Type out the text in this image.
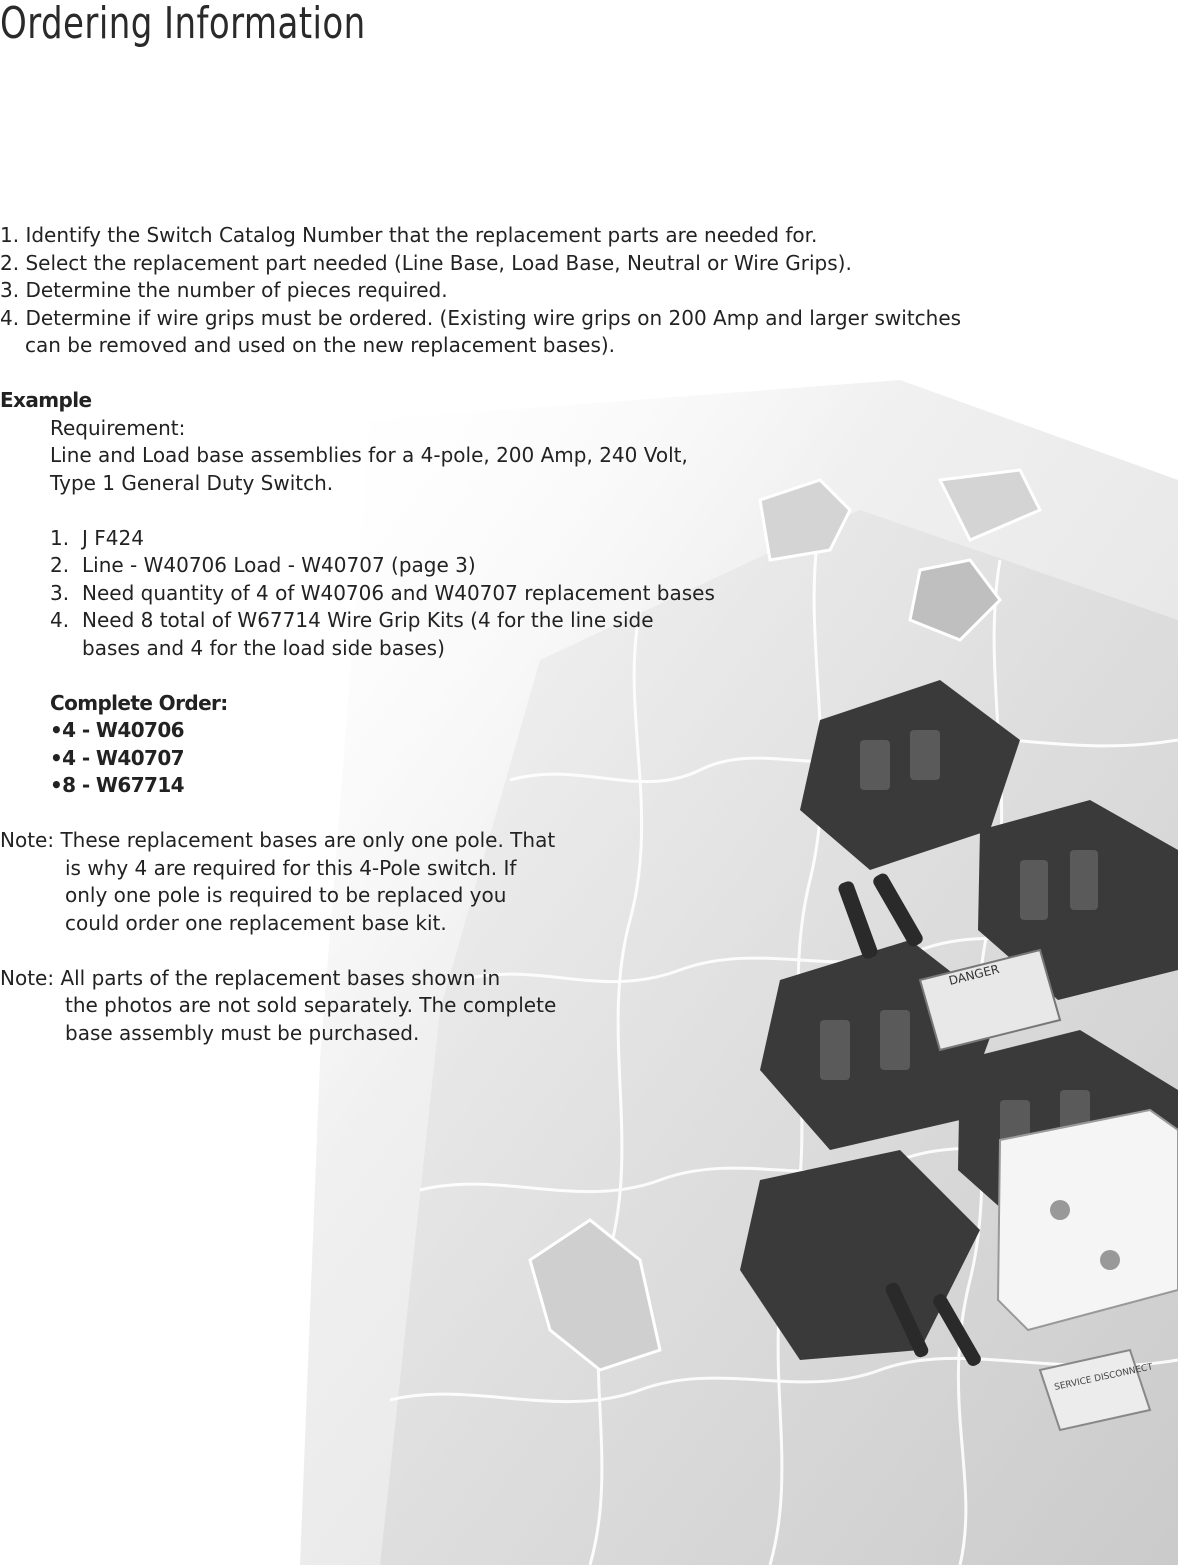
Ordering Information
DANGER
SERVICE DISCONNECT
1. Identify the Switch Catalog Number that the replacement parts are needed for.
2. Select the replacement part needed (Line Base, Load Base, Neutral or Wire Grips).
3. Determine the number of pieces required.
4. Determine if wire grips must be ordered. (Existing wire grips on 200 Amp and larger switches
can be removed and used on the new replacement bases).
Example
Requirement:
Line and Load base assemblies for a 4-pole, 200 Amp, 240 Volt,
Type 1 General Duty Switch.
1. J F424
2. Line - W40706 Load - W40707 (page 3)
3. Need quantity of 4 of W40706 and W40707 replacement bases
4. Need 8 total of W67714 Wire Grip Kits (4 for the line side
bases and 4 for the load side bases)
Complete Order:
•4 - W40706
•4 - W40707
•8 - W67714
Note: These replacement bases are only one pole. That
is why 4 are required for this 4-Pole switch. If
only one pole is required to be replaced you
could order one replacement base kit.
Note: All parts of the replacement bases shown in
the photos are not sold separately. The complete
base assembly must be purchased.
